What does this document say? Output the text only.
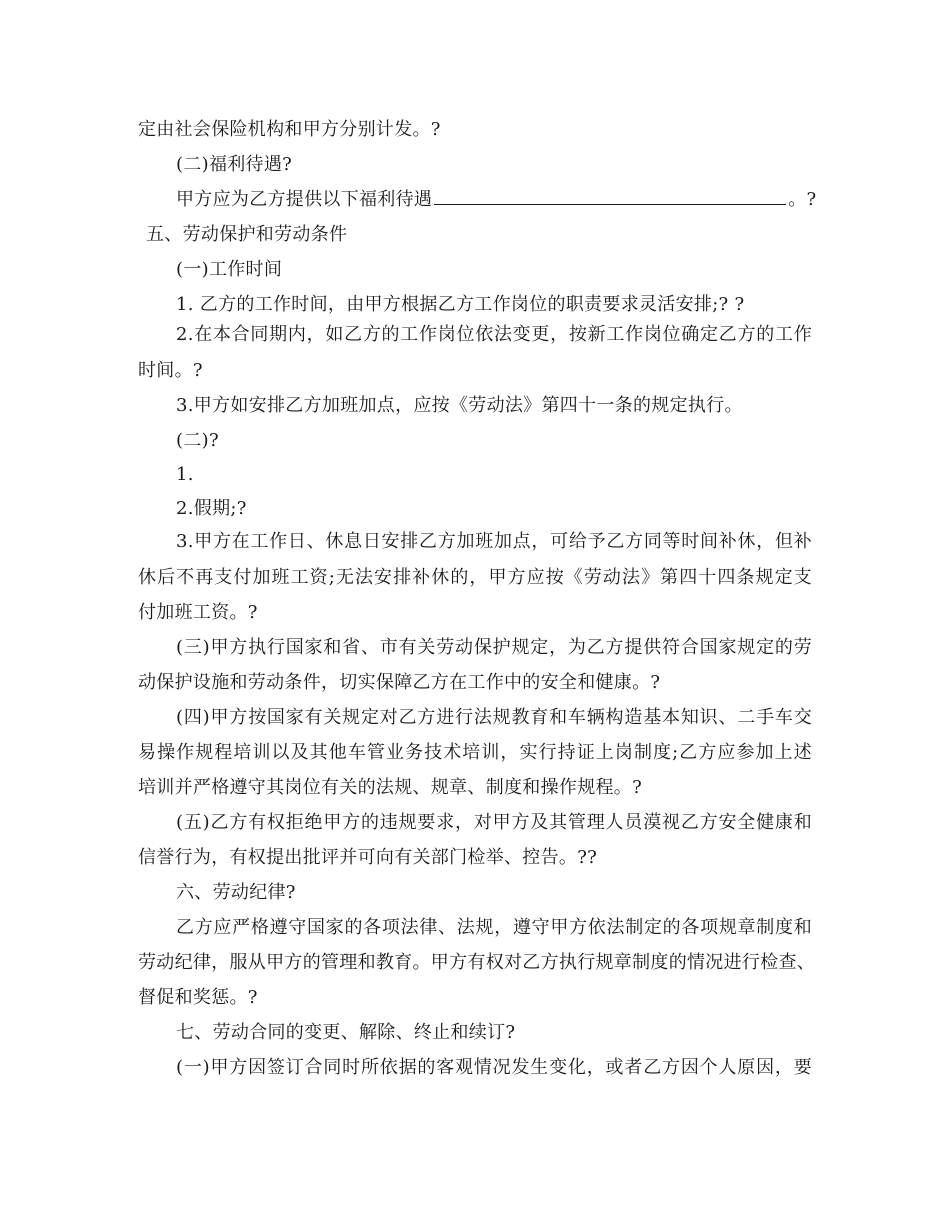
定由社会保险机构和甲方分别计发。?
(二)福利待遇?
甲方应为乙方提供以下福利待遇	。?
五、劳动保护和劳动条件
(一)工作时间
1. 乙方的工作时间，由甲方根据乙方工作岗位的职责要求灵活安排;? ?
2.在本合同期内，如乙方的工作岗位依法变更，按新工作岗位确定乙方的工作
时间。?
3.甲方如安排乙方加班加点，应按《劳动法》第四十一条的规定执行。
(二)?
1.
2.假期;?
3.甲方在工作日、休息日安排乙方加班加点，可给予乙方同等时间补休，但补
休后不再支付加班工资;无法安排补休的，甲方应按《劳动法》第四十四条规定支
付加班工资。?
(三)甲方执行国家和省、市有关劳动保护规定，为乙方提供符合国家规定的劳
动保护设施和劳动条件，切实保障乙方在工作中的安全和健康。?
(四)甲方按国家有关规定对乙方进行法规教育和车辆构造基本知识、二手车交
易操作规程培训以及其他车管业务技术培训，实行持证上岗制度;乙方应参加上述
培训并严格遵守其岗位有关的法规、规章、制度和操作规程。?
(五)乙方有权拒绝甲方的违规要求，对甲方及其管理人员漠视乙方安全健康和
信誉行为，有权提出批评并可向有关部门检举、控告。??
六、劳动纪律?
乙方应严格遵守国家的各项法律、法规，遵守甲方依法制定的各项规章制度和
劳动纪律，服从甲方的管理和教育。甲方有权对乙方执行规章制度的情况进行检查、
督促和奖惩。?
七、劳动合同的变更、解除、终止和续订?
(一)甲方因签订合同时所依据的客观情况发生变化，或者乙方因个人原因，要
